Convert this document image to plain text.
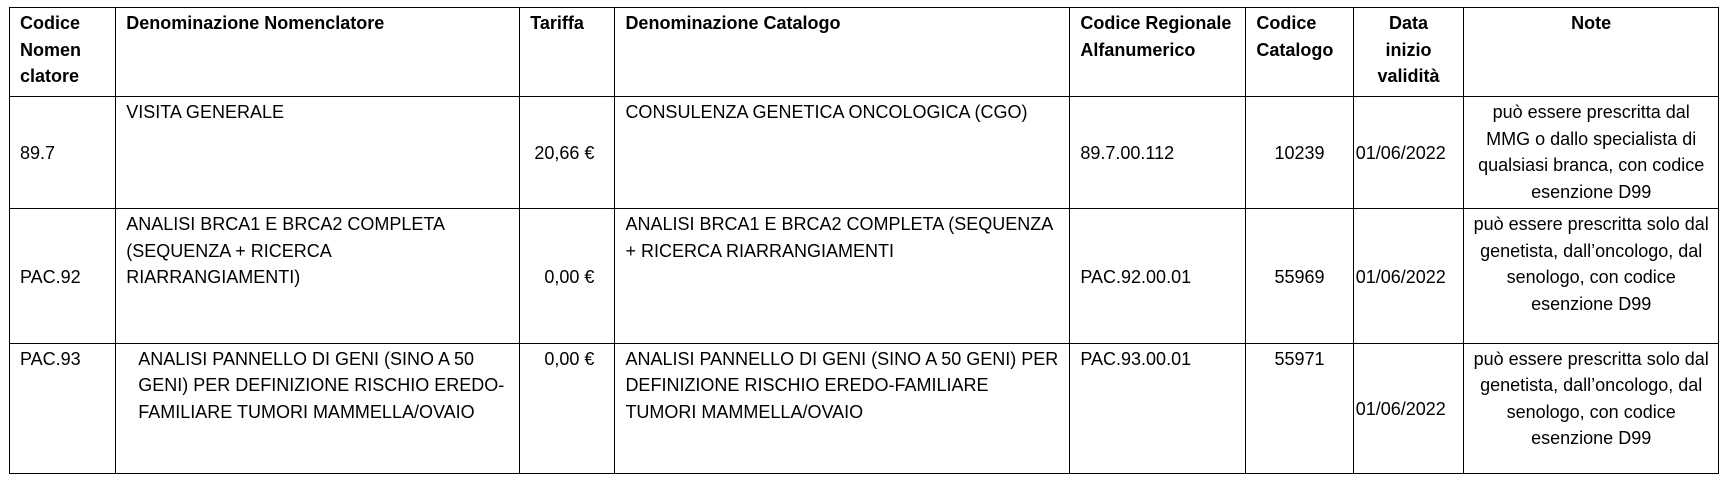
Codice Nomen clatore	Denominazione Nomenclatore	Tariffa	Denominazione Catalogo	Codice Regionale Alfanumerico	Codice Catalogo	Data inizio validità	Note
89.7	VISITA GENERALE	20,66 €	CONSULENZA GENETICA ONCOLOGICA (CGO)	89.7.00.112	10239	01/06/2022	può essere prescritta dal MMG o dallo specialista di qualsiasi branca, con codice esenzione D99
PAC.92	ANALISI BRCA1 E BRCA2 COMPLETA (SEQUENZA + RICERCA RIARRANGIAMENTI)	0,00 €	ANALISI BRCA1 E BRCA2 COMPLETA (SEQUENZA + RICERCA RIARRANGIAMENTI	PAC.92.00.01	55969	01/06/2022	può essere prescritta solo dal genetista, dall’oncologo, dal senologo, con codice esenzione D99
PAC.93	ANALISI PANNELLO DI GENI (SINO A 50 GENI) PER DEFINIZIONE RISCHIO EREDO-FAMILIARE TUMORI MAMMELLA/OVAIO	0,00 €	ANALISI PANNELLO DI GENI (SINO A 50 GENI) PER DEFINIZIONE RISCHIO EREDO-FAMILIARE TUMORI MAMMELLA/OVAIO	PAC.93.00.01	55971	01/06/2022	può essere prescritta solo dal genetista, dall’oncologo, dal senologo, con codice esenzione D99
